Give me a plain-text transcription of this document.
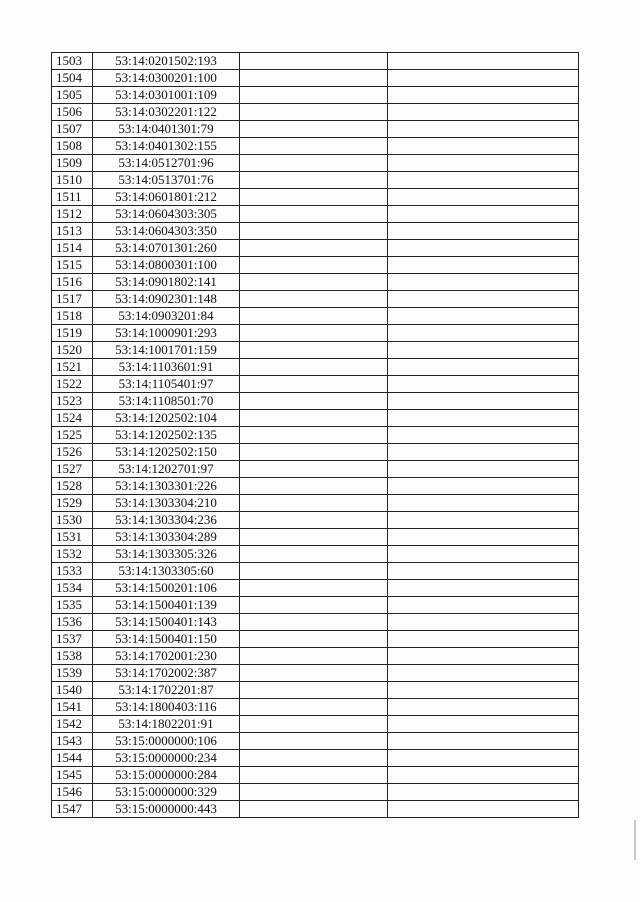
1503	53:14:0201502:193		
1504	53:14:0300201:100		
1505	53:14:0301001:109		
1506	53:14:0302201:122		
1507	53:14:0401301:79		
1508	53:14:0401302:155		
1509	53:14:0512701:96		
1510	53:14:0513701:76		
1511	53:14:0601801:212		
1512	53:14:0604303:305		
1513	53:14:0604303:350		
1514	53:14:0701301:260		
1515	53:14:0800301:100		
1516	53:14:0901802:141		
1517	53:14:0902301:148		
1518	53:14:0903201:84		
1519	53:14:1000901:293		
1520	53:14:1001701:159		
1521	53:14:1103601:91		
1522	53:14:1105401:97		
1523	53:14:1108501:70		
1524	53:14:1202502:104		
1525	53:14:1202502:135		
1526	53:14:1202502:150		
1527	53:14:1202701:97		
1528	53:14:1303301:226		
1529	53:14:1303304:210		
1530	53:14:1303304:236		
1531	53:14:1303304:289		
1532	53:14:1303305:326		
1533	53:14:1303305:60		
1534	53:14:1500201:106		
1535	53:14:1500401:139		
1536	53:14:1500401:143		
1537	53:14:1500401:150		
1538	53:14:1702001:230		
1539	53:14:1702002:387		
1540	53:14:1702201:87		
1541	53:14:1800403:116		
1542	53:14:1802201:91		
1543	53:15:0000000:106		
1544	53:15:0000000:234		
1545	53:15:0000000:284		
1546	53:15:0000000:329		
1547	53:15:0000000:443		
